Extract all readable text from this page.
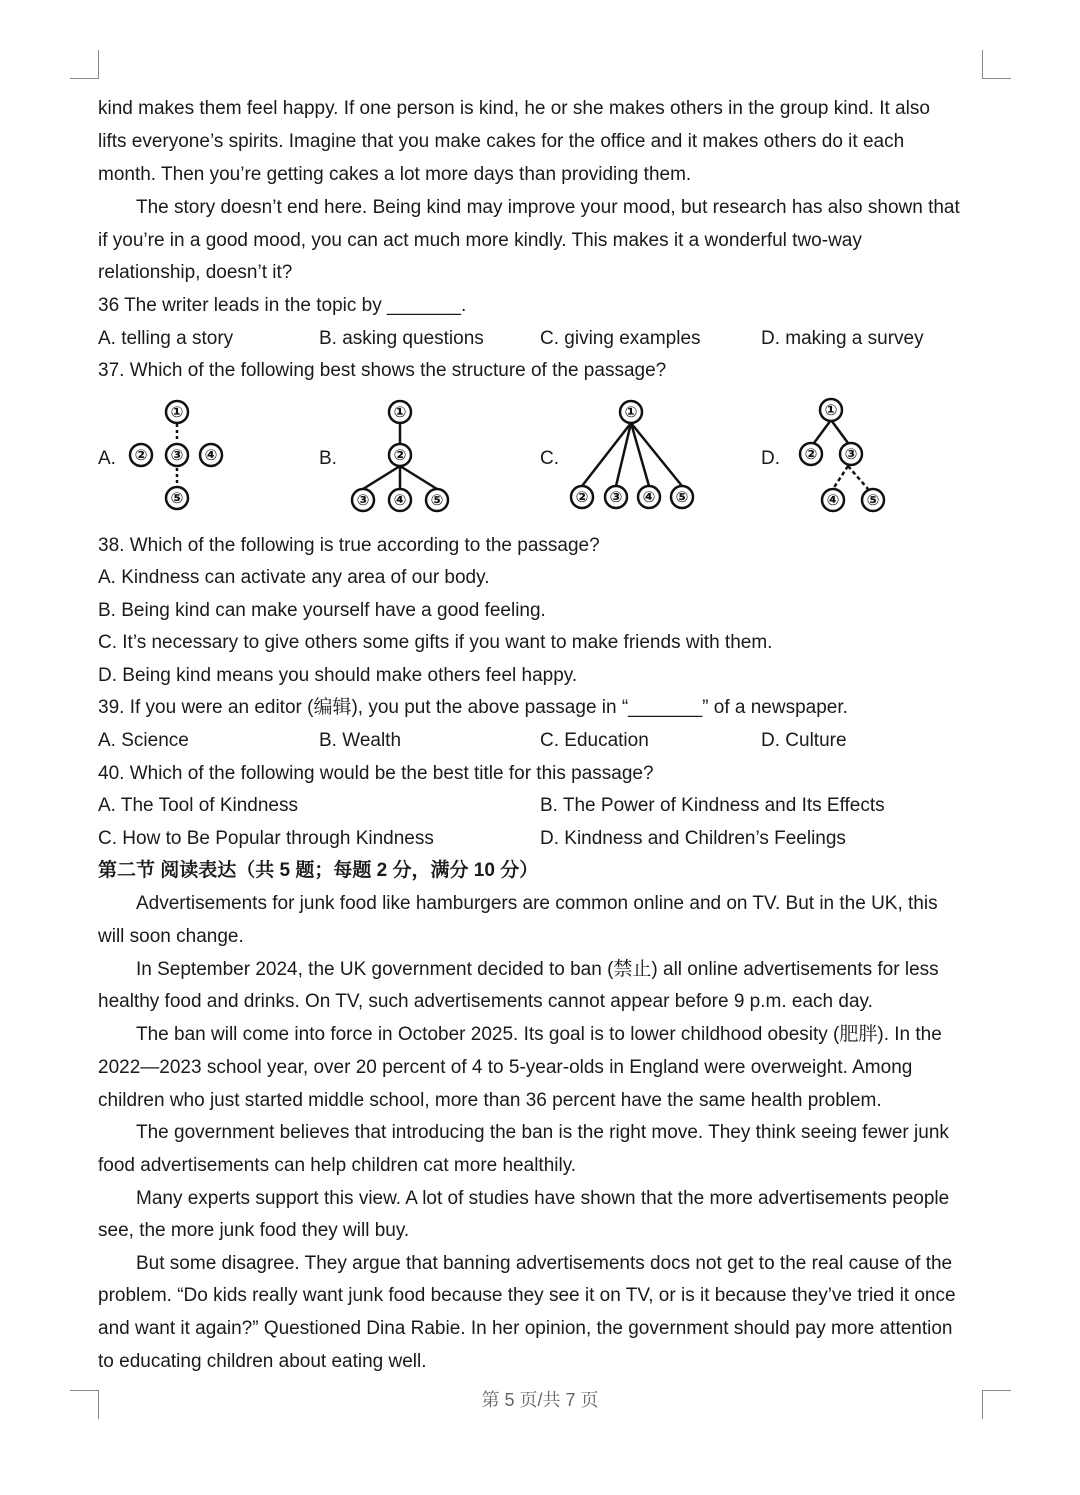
kind makes them feel happy. If one person is kind, he or she makes others in the group kind. It also
lifts everyone’s spirits. Imagine that you make cakes for the office and it makes others do it each
month. Then you’re getting cakes a lot more days than providing them.
The story doesn’t end here. Being kind may improve your mood, but research has also shown that
if you’re in a good mood, you can act much more kindly. This makes it a wonderful two-way
relationship, doesn’t it?
36 The writer leads in the topic by _______.
A. telling a story	B. asking questions	C. giving examples	D. making a survey
37. Which of the following best shows the structure of the passage?
A.	B.	C.	D.
①
② ③ ④
⑤
①
②
③ ④ ⑤
①
② ③ ④ ⑤
①
② ③
④ ⑤
38. Which of the following is true according to the passage?
A. Kindness can activate any area of our body.
B. Being kind can make yourself have a good feeling.
C. It’s necessary to give others some gifts if you want to make friends with them.
D. Being kind means you should make others feel happy.
39. If you were an editor (编辑), you put the above passage in “_______” of a newspaper.
A. Science	B. Wealth	C. Education	D. Culture
40. Which of the following would be the best title for this passage?
A. The Tool of Kindness	B. The Power of Kindness and Its Effects
C. How to Be Popular through Kindness	D. Kindness and Children’s Feelings
第二节 阅读表达（共 5 题；每题 2 分，满分 10 分）
Advertisements for junk food like hamburgers are common online and on TV. But in the UK, this
will soon change.
In September 2024, the UK government decided to ban (禁止) all online advertisements for less
healthy food and drinks. On TV, such advertisements cannot appear before 9 p.m. each day.
The ban will come into force in October 2025. Its goal is to lower childhood obesity (肥胖). In the
2022—2023 school year, over 20 percent of 4 to 5-year-olds in England were overweight. Among
children who just started middle school, more than 36 percent have the same health problem.
The government believes that introducing the ban is the right move. They think seeing fewer junk
food advertisements can help children cat more healthily.
Many experts support this view. A lot of studies have shown that the more advertisements people
see, the more junk food they will buy.
But some disagree. They argue that banning advertisements docs not get to the real cause of the
problem. “Do kids really want junk food because they see it on TV, or is it because they’ve tried it once
and want it again?” Questioned Dina Rabie. In her opinion, the government should pay more attention
to educating children about eating well.
第 5 页/共 7 页
